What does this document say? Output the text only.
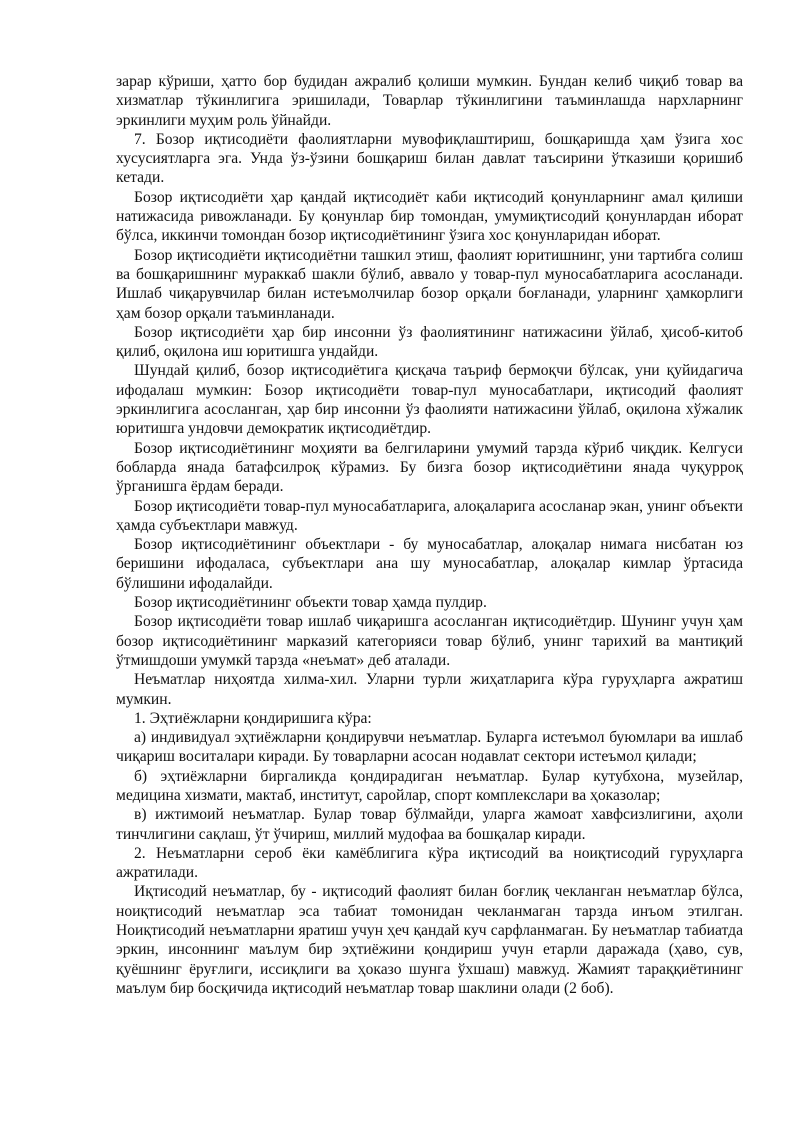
зарар кўриши, ҳатто бор будидан ажралиб қолиши мумкин. Бундан келиб чиқиб товар ва хизматлар тўкинлигига эришилади, Товарлар тўкинлигини таъминлашда нархларнинг эркинлиги муҳим роль ўйнайди.

7. Бозор иқтисодиёти фаолиятларни мувофиқлаштириш, бошқаришда ҳам ўзига хос хусусиятларга эга. Унда ўз-ўзини бошқариш билан давлат таъсирини ўтказиши қоришиб кетади.

Бозор иқтисодиёти ҳар қандай иқтисодиёт каби иқтисодий қонунларнинг амал қилиши натижасида ривожланади. Бу қонунлар бир томондан, умумиқтисодий қонунлардан иборат бўлса, иккинчи томондан бозор иқтисодиётининг ўзига хос қонунларидан иборат.

Бозор иқтисодиёти иқтисодиётни ташкил этиш, фаолият юритишнинг, уни тартибга солиш ва бошқаришнинг мураккаб шакли бўлиб, аввало у товар-пул муносабатларига асосланади. Ишлаб чиқарувчилар билан истеъмолчилар бозор орқали боғланади, уларнинг ҳамкорлиги ҳам бозор орқали таъминланади.

Бозор иқтисодиёти ҳар бир инсонни ўз фаолиятининг натижасини ўйлаб, ҳисоб-китоб қилиб, оқилона иш юритишга ундайди.

Шундай қилиб, бозор иқтисодиётига қисқача таъриф бермоқчи бўлсак, уни қуйидагича ифодалаш мумкин: Бозор иқтисодиёти товар-пул муносабатлари, иқтисодий фаолият эркинлигига асосланган, ҳар бир инсонни ўз фаолияти натижасини ўйлаб, оқилона хўжалик юритишга ундовчи демократик иқтисодиётдир.

Бозор иқтисодиётининг моҳияти ва белгиларини умумий тарзда кўриб чиқдик. Келгуси бобларда янада батафсилроқ кўрамиз. Бу бизга бозор иқтисодиётини янада чуқурроқ ўрганишга ёрдам беради.

Бозор иқтисодиёти товар-пул муносабатларига, алоқаларига асосланар экан, унинг объекти ҳамда субъектлари мавжуд.

Бозор иқтисодиётининг объектлари - бу муносабатлар, алоқалар нимага нисбатан юз беришини ифодаласа, субъектлари ана шу муносабатлар, алоқалар кимлар ўртасида бўлишини ифодалайди.

Бозор иқтисодиётининг объекти товар ҳамда пулдир.

Бозор иқтисодиёти товар ишлаб чиқаришга асосланган иқтисодиётдир. Шунинг учун ҳам бозор иқтисодиётининг марказий категорияси товар бўлиб, унинг тарихий ва мантиқий ўтмишдоши умумкй тарзда «неъмат» деб аталади.

Неъматлар ниҳоятда хилма-хил. Уларни турли жиҳатларига кўра гуруҳларга ажратиш мумкин.

1. Эҳтиёжларни қондиришига кўра:

а) индивидуал эҳтиёжларни қондирувчи неъматлар. Буларга истеъмол буюмлари ва ишлаб чиқариш воситалари киради. Бу товарларни асосан нодавлат сектори истеъмол қилади;

б) эҳтиёжларни биргаликда қондирадиган неъматлар. Булар кутубхона, музейлар, медицина хизмати, мактаб, институт, саройлар, спорт комплекслари ва ҳоказолар;

в) ижтимоий неъматлар. Булар товар бўлмайди, уларга жамоат хавфсизлигини, аҳоли тинчлигини сақлаш, ўт ўчириш, миллий мудофаа ва бошқалар киради.

2. Неъматларни сероб ёки камёблигига кўра иқтисодий ва ноиқтисодий гуруҳларга ажратилади.

Иқтисодий неъматлар, бу - иқтисодий фаолият билан боғлиқ чекланган неъматлар бўлса, ноиқтисодий неъматлар эса табиат томонидан чекланмаган тарзда инъом этилган. Ноиқтисодий неъматларни яратиш учун ҳеч қандай куч сарфланмаган. Бу неъматлар табиатда эркин, инсоннинг маълум бир эҳтиёжини қондириш учун етарли даражада (ҳаво, сув, қуёшнинг ёруғлиги, иссиқлиги ва ҳоказо шунга ўхшаш) мавжуд. Жамият тараққиётининг маълум бир босқичида иқтисодий неъматлар товар шаклини олади (2 боб).
